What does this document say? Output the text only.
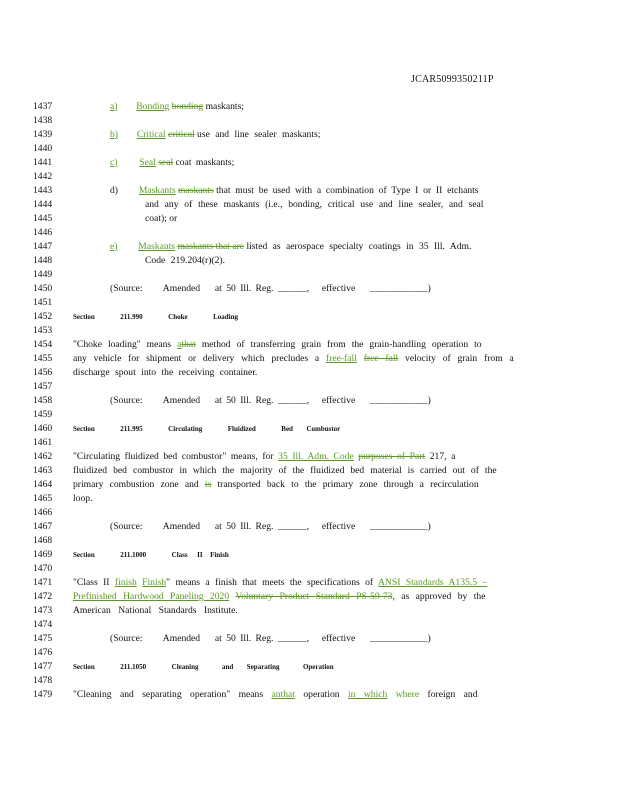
JCAR5099350211P
1437
1438
1439
1440
1441
1442
1443
1444
1445
1446
1447
1448
1449
1450
1451
1452
1453
1454
1455
1456
1457
1458
1459
1460
1461
1462
1463
1464
1465
1466
1467
1468
1469
1470
1471
1472
1473
1474
1475
1476
1477
1478
1479
a) Bonding bonding maskants;
b) Critical critical use and line sealer maskants;
c) Seal seal coat maskants;
d) Maskants maskants that must be used with a combination of Type I or II etchants
and any of these maskants (i.e., bonding, critical use and line sealer, and seal
coat); or
e) Maskants maskants that are listed as aerospace specialty coatings in 35 Ill. Adm.
Code 219.204(r)(2).
(Source: Amended at 50 Ill. Reg. ______, effective ____________)
Section	211.990	Choke	Loading
"Choke loading" means athat method of transferring grain from the grain-handling operation to
any vehicle for shipment or delivery which precludes a free-fall free fall velocity of grain from a
discharge spout into the receiving container.
(Source: Amended at 50 Ill. Reg. ______, effective ____________)
Section	211.995	Circulating	Fluidized	Bed Combustor
"Circulating fluidized bed combustor" means, for 35 Ill. Adm. Code purposes of Part 217, a
fluidized bed combustor in which the majority of the fluidized bed material is carried out of the
primary combustion zone and is transported back to the primary zone through a recirculation
loop.
(Source: Amended at 50 Ill. Reg. ______, effective ____________)
Section	211.1000	Class II Finish
"Class II finish Finish" means a finish that meets the specifications of ANSI Standards A135.5 –
Prefinished Hardwood Paneling 2020 Voluntary Product Standard PS-59-73, as approved by the
American National Standards Institute.
(Source: Amended at 50 Ill. Reg. ______, effective ____________)
Section	211.1050	Cleaning	and Separating	Operation
"Cleaning and separating operation" means anthat operation in which where foreign and
